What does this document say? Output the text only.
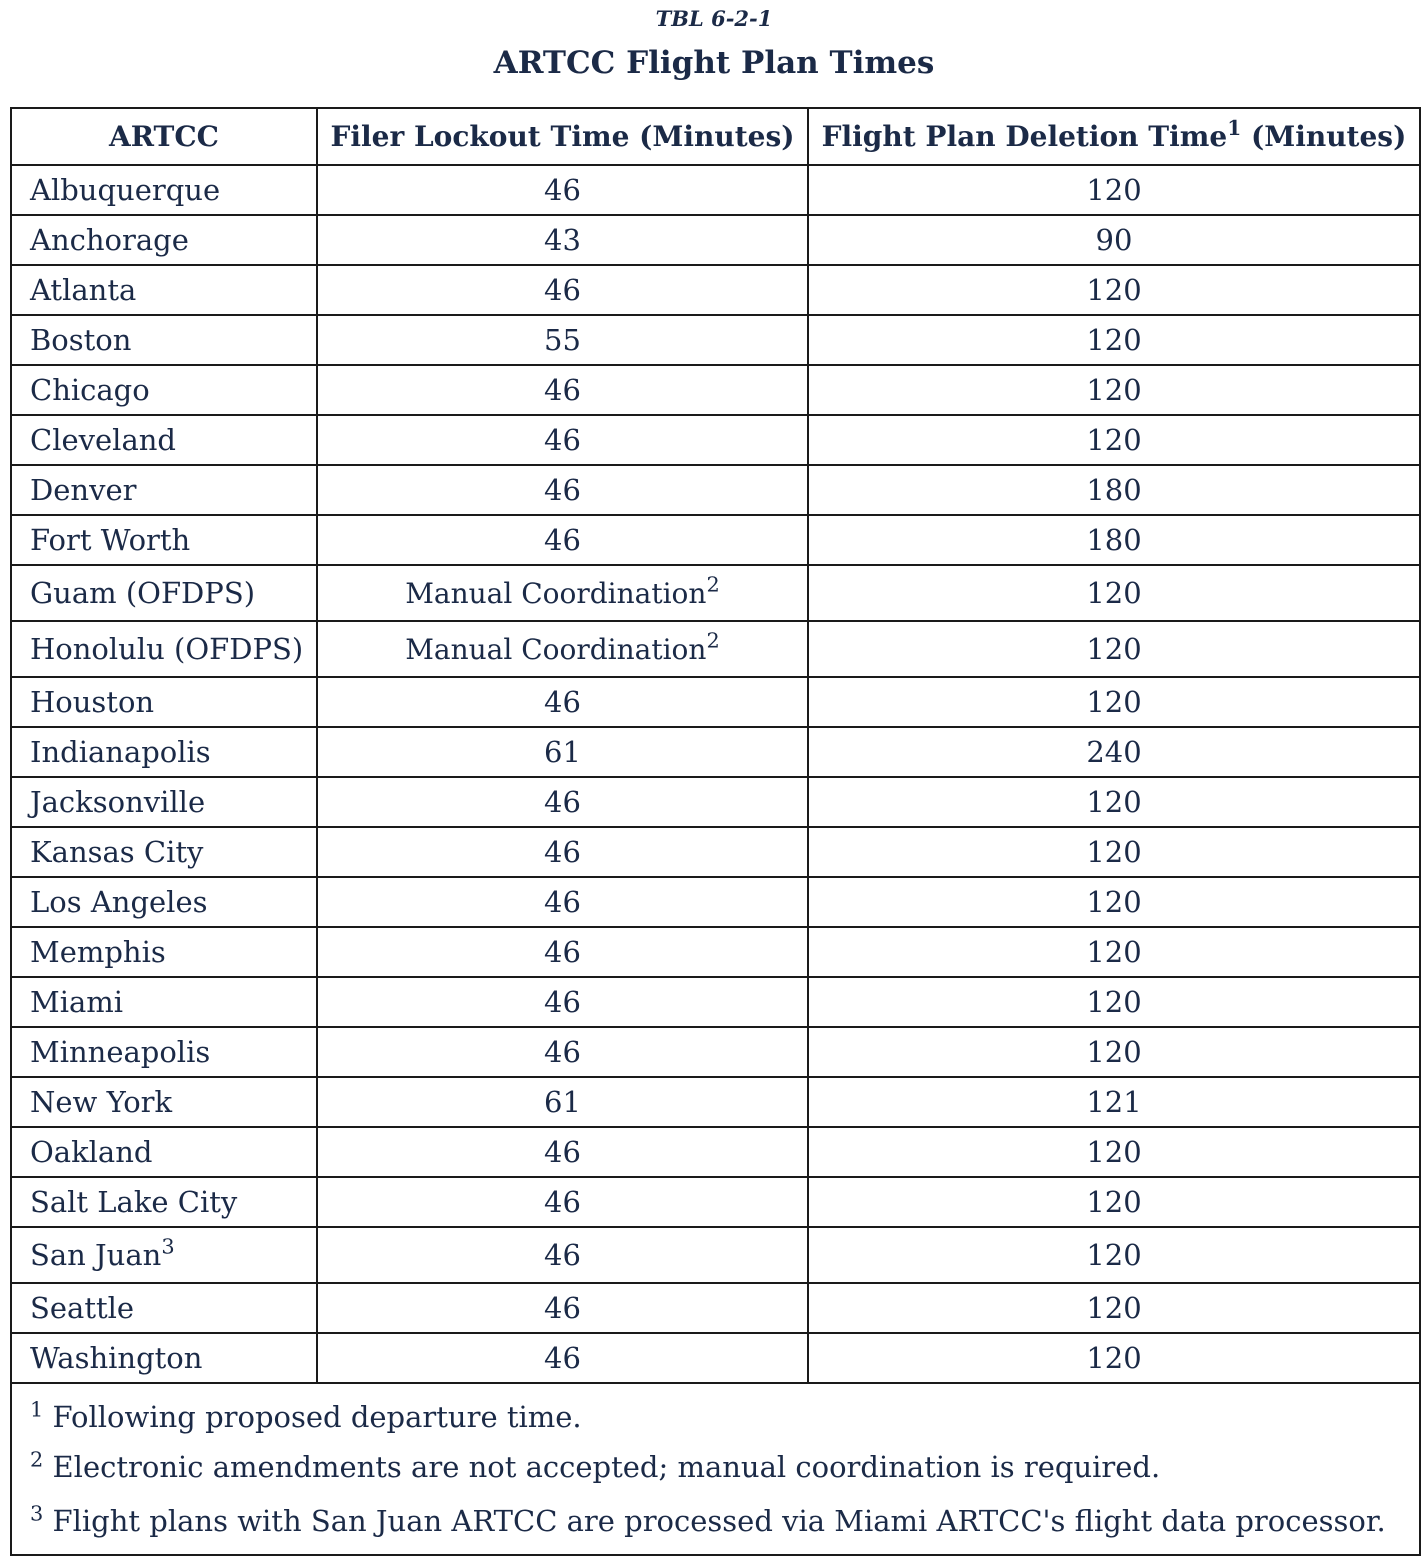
TBL 6-2-1
ARTCC Flight Plan Times
ARTCC	Filer Lockout Time (Minutes)	Flight Plan Deletion Time$^1$ (Minutes)
Albuquerque	46	120
Anchorage	43	90
Atlanta	46	120
Boston	55	120
Chicago	46	120
Cleveland	46	120
Denver	46	180
Fort Worth	46	180
Guam (OFDPS)	Manual Coordination$^2$	120
Honolulu (OFDPS)	Manual Coordination$^2$	120
Houston	46	120
Indianapolis	61	240
Jacksonville	46	120
Kansas City	46	120
Los Angeles	46	120
Memphis	46	120
Miami	46	120
Minneapolis	46	120
New York	61	121
Oakland	46	120
Salt Lake City	46	120
San Juan$^3$	46	120
Seattle	46	120
Washington	46	120

$^1$ Following proposed departure time.
$^2$ Electronic amendments are not accepted; manual coordination is required.
$^3$ Flight plans with San Juan ARTCC are processed via Miami ARTCC's flight data processor.		
